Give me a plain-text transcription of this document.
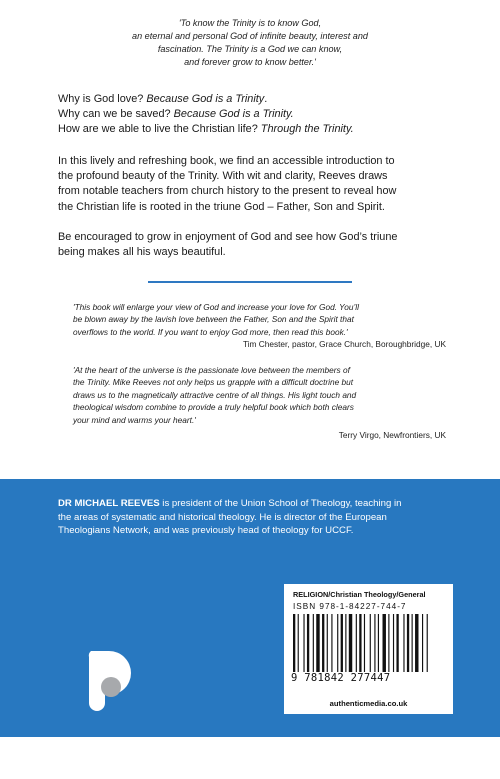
'To know the Trinity is to know God,
an eternal and personal God of infinite beauty, interest and
fascination. The Trinity is a God we can know,
and forever grow to know better.'
Why is God love? Because God is a Trinity.
Why can we be saved? Because God is a Trinity.
How are we able to live the Christian life? Through the Trinity.
In this lively and refreshing book, we find an accessible introduction to
the profound beauty of the Trinity. With wit and clarity, Reeves draws
from notable teachers from church history to the present to reveal how
the Christian life is rooted in the triune God – Father, Son and Spirit.
Be encouraged to grow in enjoyment of God and see how God’s triune
being makes all his ways beautiful.
'This book will enlarge your view of God and increase your love for God. You’ll
be blown away by the lavish love between the Father, Son and the Spirit that
overflows to the world. If you want to enjoy God more, then read this book.'
Tim Chester, pastor, Grace Church, Boroughbridge, UK
'At the heart of the universe is the passionate love between the members of
the Trinity. Mike Reeves not only helps us grapple with a difficult doctrine but
draws us to the magnetically attractive centre of all things. His light touch and
theological wisdom combine to provide a truly helpful book which both clears
your mind and warms your heart.'
Terry Virgo, Newfrontiers, UK
DR MICHAEL REEVES is president of the Union School of Theology, teaching in
the areas of systematic and historical theology. He is director of the European
Theologians Network, and was previously head of theology for UCCF.
RELIGION/Christian Theology/General
ISBN 978-1-84227-744-7
9 781842 277447
authenticmedia.co.uk
